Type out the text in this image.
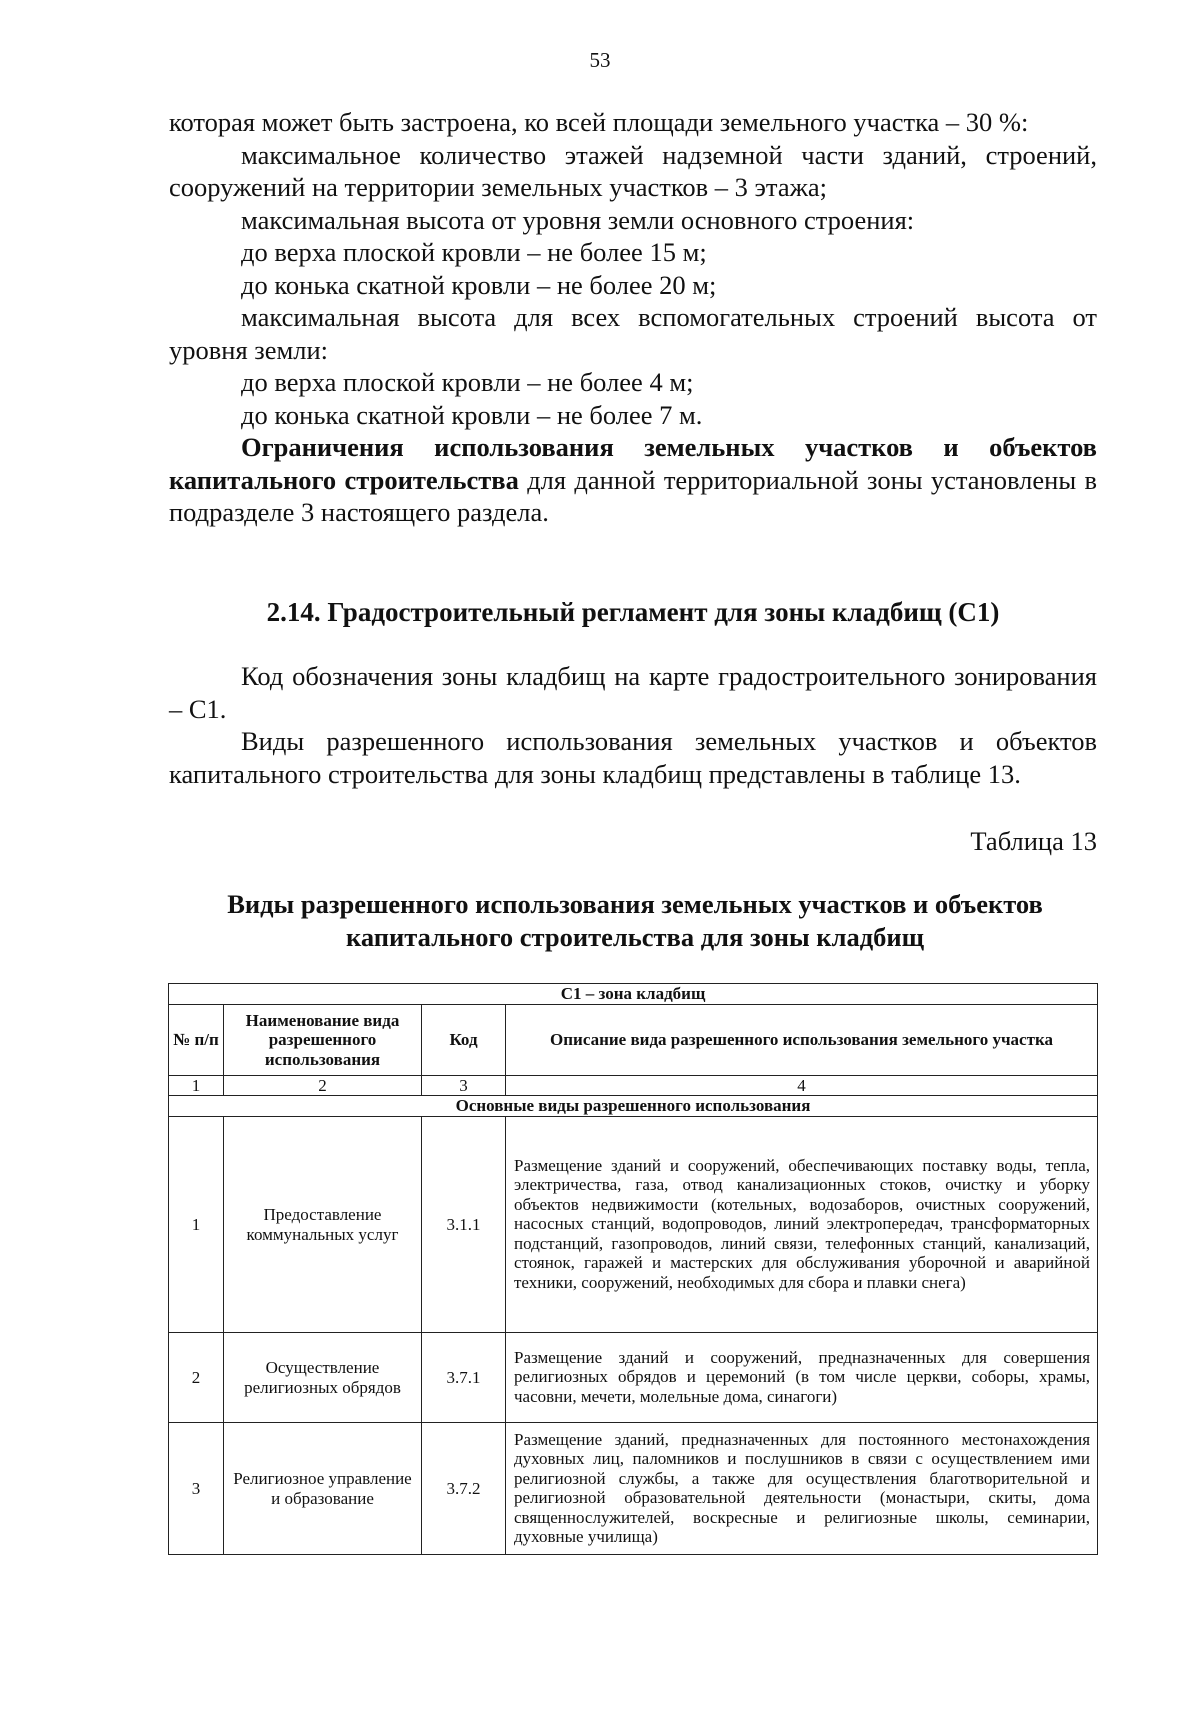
53

которая может быть застроена, ко всей площади земельного участка – 30 %:

максимальное количество этажей надземной части зданий, строений, сооружений на территории земельных участков – 3 этажа;

максимальная высота от уровня земли основного строения:

до верха плоской кровли – не более 15 м;

до конька скатной кровли – не более 20 м;

максимальная высота для всех вспомогательных строений высота от уровня земли:

до верха плоской кровли – не более 4 м;

до конька скатной кровли – не более 7 м.

Ограничения использования земельных участков и объектов капитального строительства для данной территориальной зоны установлены в подразделе 3 настоящего раздела.

2.14. Градостроительный регламент для зоны кладбищ (С1)

Код обозначения зоны кладбищ на карте градостроительного зонирования – С1.

Виды разрешенного использования земельных участков и объектов капитального строительства для зоны кладбищ представлены в таблице 13.

Таблица 13
Виды разрешенного использования земельных участков и объектов
капитального строительства для зоны кладбищ
С1 – зона кладбищ			
№ п/п	Наименование вида разрешенного использования	Код	Описание вида разрешенного использования земельного участка
1	2	3	4
Основные виды разрешенного использования			
1	Предоставление коммунальных услуг	3.1.1	Размещение зданий и сооружений, обеспечивающих поставку воды, тепла, электричества, газа, отвод канализационных стоков, очистку и уборку объектов недвижимости (котельных, водозаборов, очистных сооружений, насосных станций, водопроводов, линий электропередач, трансформаторных подстанций, газопроводов, линий связи, телефонных станций, канализаций, стоянок, гаражей и мастерских для обслуживания уборочной и аварийной техники, сооружений, необходимых для сбора и плавки снега)
2	Осуществление религиозных обрядов	3.7.1	Размещение зданий и сооружений, предназначенных для совершения религиозных обрядов и церемоний (в том числе церкви, соборы, храмы, часовни, мечети, молельные дома, синагоги)
3	Религиозное управление и образование	3.7.2	Размещение зданий, предназначенных для постоянного местонахождения духовных лиц, паломников и послушников в связи с осуществлением ими религиозной службы, а также для осуществления благотворительной и религиозной образовательной деятельности (монастыри, скиты, дома священнослужителей, воскресные и религиозные школы, семинарии, духовные училища)
